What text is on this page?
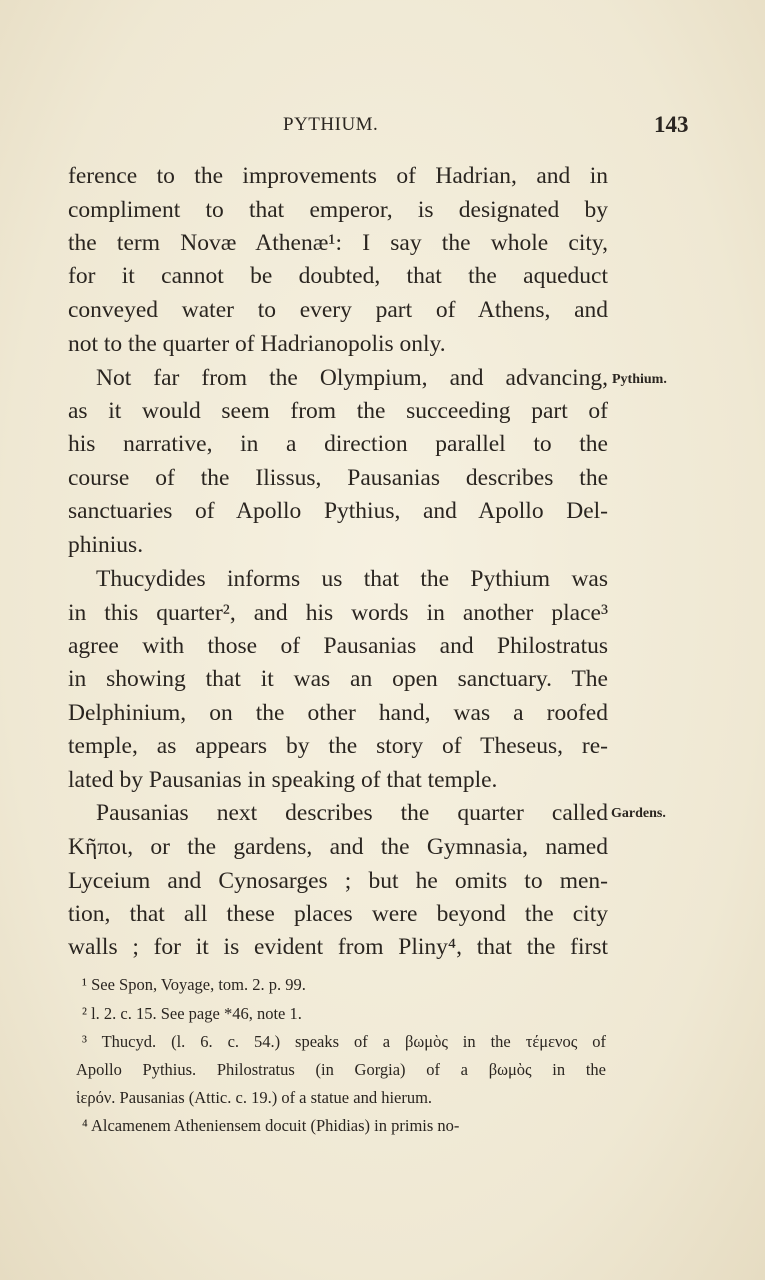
PYTHIUM.	143
ference to the improvements of Hadrian, and in
compliment to that emperor, is designated by
the term Novæ Athenæ¹: I say the whole city,
for it cannot be doubted, that the aqueduct
conveyed water to every part of Athens, and
not to the quarter of Hadrianopolis only.
Not far from the Olympium, and advancing, Pythium.
as it would seem from the succeeding part of
his narrative, in a direction parallel to the
course of the Ilissus, Pausanias describes the
sanctuaries of Apollo Pythius, and Apollo Del-
phinius.
Thucydides informs us that the Pythium was
in this quarter², and his words in another place³
agree with those of Pausanias and Philostratus
in showing that it was an open sanctuary. The
Delphinium, on the other hand, was a roofed
temple, as appears by the story of Theseus, re-
lated by Pausanias in speaking of that temple.
Pausanias next describes the quarter called Gardens.
Κῆποι, or the gardens, and the Gymnasia, named
Lyceium and Cynosarges ; but he omits to men-
tion, that all these places were beyond the city
walls ; for it is evident from Pliny⁴, that the first
¹ See Spon, Voyage, tom. 2. p. 99.
² l. 2. c. 15. See page *46, note 1.
³ Thucyd. (l. 6. c. 54.) speaks of a βωμὸς in the τέμενος of
Apollo Pythius. Philostratus (in Gorgia) of a βωμὸς in the
ἱερόν. Pausanias (Attic. c. 19.) of a statue and hierum.
⁴ Alcamenem Atheniensem docuit (Phidias) in primis no-
